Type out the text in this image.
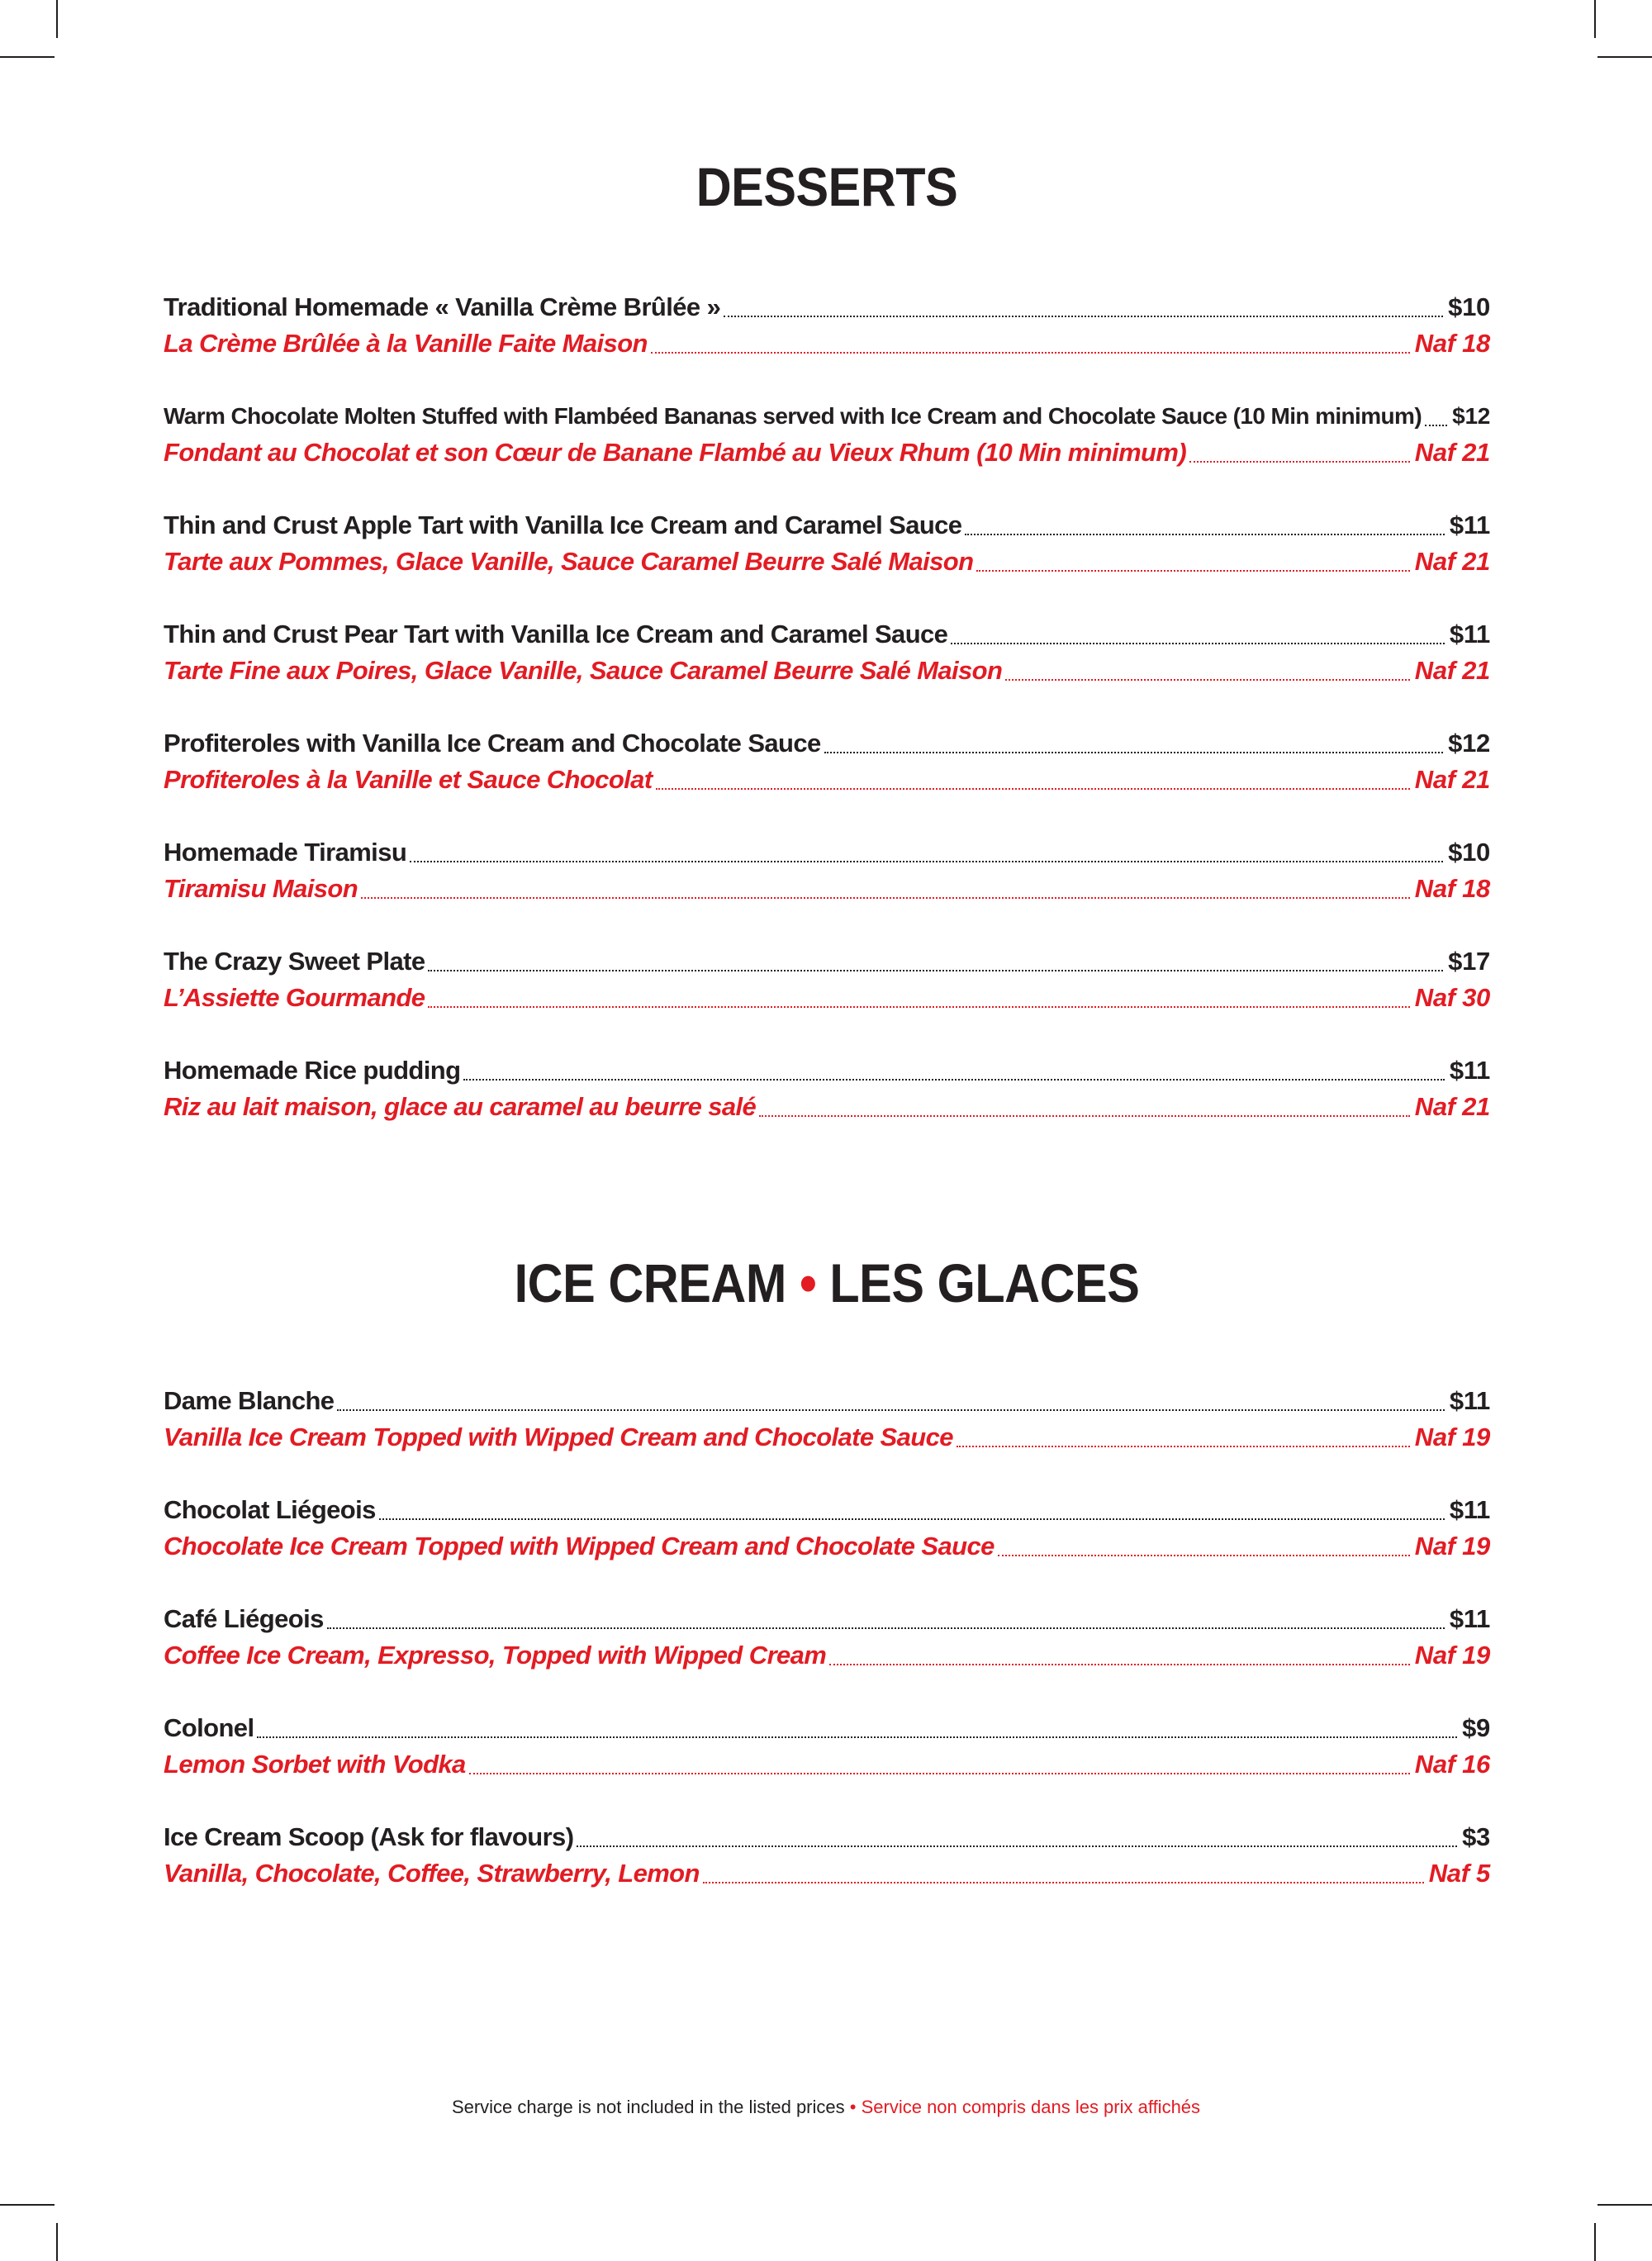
DESSERTS
Traditional Homemade « Vanilla Crème Brûlée »	$10
La Crème Brûlée à la Vanille Faite Maison	Naf 18
Warm Chocolate Molten Stuffed with Flambéed Bananas served with Ice Cream and Chocolate Sauce (10 Min minimum) $12
Fondant au Chocolat et son Cœur de Banane Flambé au Vieux Rhum (10 Min minimum)	Naf 21
Thin and Crust Apple Tart with Vanilla Ice Cream and Caramel Sauce	$11
Tarte aux Pommes, Glace Vanille, Sauce Caramel Beurre Salé Maison	Naf 21
Thin and Crust Pear Tart with Vanilla Ice Cream and Caramel Sauce	$11
Tarte Fine aux Poires, Glace Vanille, Sauce Caramel Beurre Salé Maison	Naf 21
Profiteroles with Vanilla Ice Cream and Chocolate Sauce	$12
Profiteroles à la Vanille et Sauce Chocolat	Naf 21
Homemade Tiramisu	$10
Tiramisu Maison	Naf 18
The Crazy Sweet Plate	$17
L’Assiette Gourmande	Naf 30
Homemade Rice pudding	$11
Riz au lait maison, glace au caramel au beurre salé	Naf 21
ICE CREAM • LES GLACES
Dame Blanche	$11
Vanilla Ice Cream Topped with Wipped Cream and Chocolate Sauce	Naf 19
Chocolat Liégeois	$11
Chocolate Ice Cream Topped with Wipped Cream and Chocolate Sauce	Naf 19
Café Liégeois	$11
Coffee Ice Cream, Expresso, Topped with Wipped Cream	Naf 19
Colonel	$9
Lemon Sorbet with Vodka	Naf 16
Ice Cream Scoop (Ask for flavours)	$3
Vanilla, Chocolate, Coffee, Strawberry, Lemon	Naf 5
Service charge is not included in the listed prices • Service non compris dans les prix affichés
